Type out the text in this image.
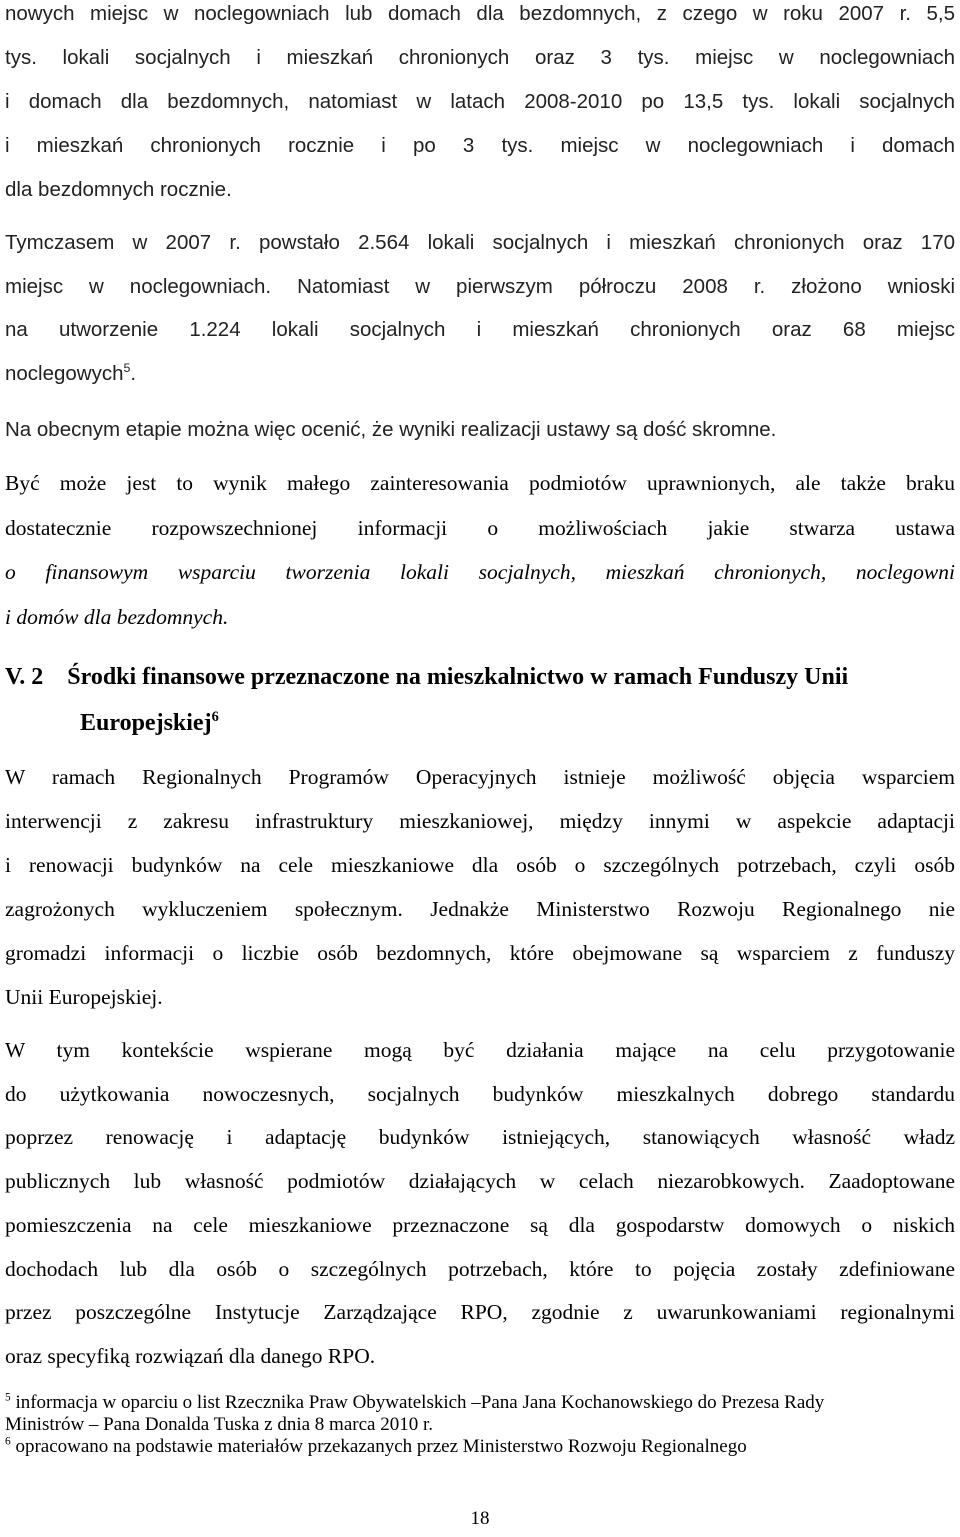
nowych miejsc w noclegowniach lub domach dla bezdomnych, z czego w roku 2007 r. 5,5
tys. lokali socjalnych i mieszkań chronionych oraz 3 tys. miejsc w noclegowniach
i domach dla bezdomnych, natomiast w latach 2008-2010 po 13,5 tys. lokali socjalnych
i mieszkań chronionych rocznie i po 3 tys. miejsc w noclegowniach i domach
dla bezdomnych rocznie.
Tymczasem w 2007 r. powstało 2.564 lokali socjalnych i mieszkań chronionych oraz 170
miejsc w noclegowniach. Natomiast w pierwszym półroczu 2008 r. złożono wnioski
na utworzenie 1.224 lokali socjalnych i mieszkań chronionych oraz 68 miejsc
noclegowych$^5$.
Na obecnym etapie można więc ocenić, że wyniki realizacji ustawy są dość skromne.
Być może jest to wynik małego zainteresowania podmiotów uprawnionych, ale także braku
dostatecznie rozpowszechnionej informacji o możliwościach jakie stwarza ustawa
o finansowym wsparciu tworzenia lokali socjalnych, mieszkań chronionych, noclegowni
i domów dla bezdomnych.
V. 2 Środki finansowe przeznaczone na mieszkalnictwo w ramach Funduszy Unii
Europejskiej$^6$
W ramach Regionalnych Programów Operacyjnych istnieje możliwość objęcia wsparciem
interwencji z zakresu infrastruktury mieszkaniowej, między innymi w aspekcie adaptacji
i renowacji budynków na cele mieszkaniowe dla osób o szczególnych potrzebach, czyli osób
zagrożonych wykluczeniem społecznym. Jednakże Ministerstwo Rozwoju Regionalnego nie
gromadzi informacji o liczbie osób bezdomnych, które obejmowane są wsparciem z funduszy
Unii Europejskiej.
W tym kontekście wspierane mogą być działania mające na celu przygotowanie
do użytkowania nowoczesnych, socjalnych budynków mieszkalnych dobrego standardu
poprzez renowację i adaptację budynków istniejących, stanowiących własność władz
publicznych lub własność podmiotów działających w celach niezarobkowych. Zaadoptowane
pomieszczenia na cele mieszkaniowe przeznaczone są dla gospodarstw domowych o niskich
dochodach lub dla osób o szczególnych potrzebach, które to pojęcia zostały zdefiniowane
przez poszczególne Instytucje Zarządzające RPO, zgodnie z uwarunkowaniami regionalnymi
oraz specyfiką rozwiązań dla danego RPO.
$^5$ informacja w oparciu o list Rzecznika Praw Obywatelskich –Pana Jana Kochanowskiego do Prezesa Rady
Ministrów – Pana Donalda Tuska z dnia 8 marca 2010 r.
$^6$ opracowano na podstawie materiałów przekazanych przez Ministerstwo Rozwoju Regionalnego
18
